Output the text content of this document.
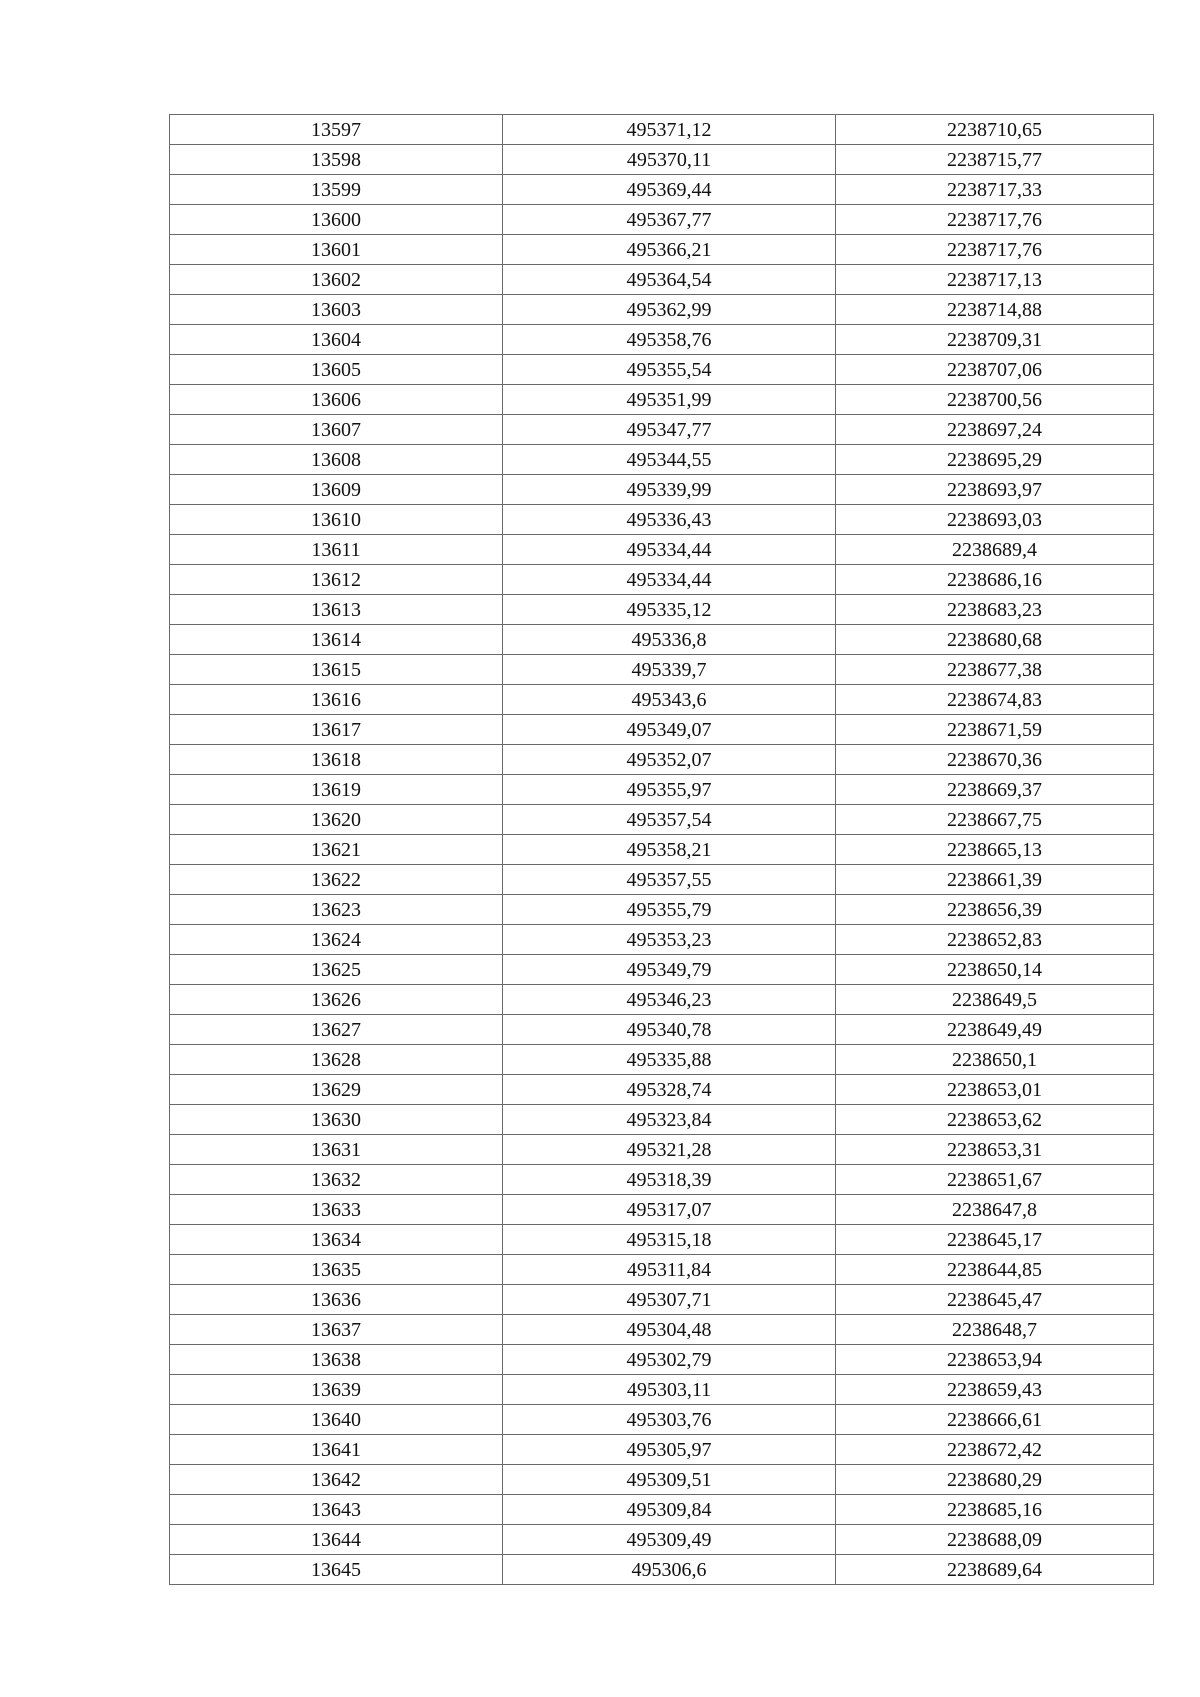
13597	495371,12	2238710,65
13598	495370,11	2238715,77
13599	495369,44	2238717,33
13600	495367,77	2238717,76
13601	495366,21	2238717,76
13602	495364,54	2238717,13
13603	495362,99	2238714,88
13604	495358,76	2238709,31
13605	495355,54	2238707,06
13606	495351,99	2238700,56
13607	495347,77	2238697,24
13608	495344,55	2238695,29
13609	495339,99	2238693,97
13610	495336,43	2238693,03
13611	495334,44	2238689,4
13612	495334,44	2238686,16
13613	495335,12	2238683,23
13614	495336,8	2238680,68
13615	495339,7	2238677,38
13616	495343,6	2238674,83
13617	495349,07	2238671,59
13618	495352,07	2238670,36
13619	495355,97	2238669,37
13620	495357,54	2238667,75
13621	495358,21	2238665,13
13622	495357,55	2238661,39
13623	495355,79	2238656,39
13624	495353,23	2238652,83
13625	495349,79	2238650,14
13626	495346,23	2238649,5
13627	495340,78	2238649,49
13628	495335,88	2238650,1
13629	495328,74	2238653,01
13630	495323,84	2238653,62
13631	495321,28	2238653,31
13632	495318,39	2238651,67
13633	495317,07	2238647,8
13634	495315,18	2238645,17
13635	495311,84	2238644,85
13636	495307,71	2238645,47
13637	495304,48	2238648,7
13638	495302,79	2238653,94
13639	495303,11	2238659,43
13640	495303,76	2238666,61
13641	495305,97	2238672,42
13642	495309,51	2238680,29
13643	495309,84	2238685,16
13644	495309,49	2238688,09
13645	495306,6	2238689,64
